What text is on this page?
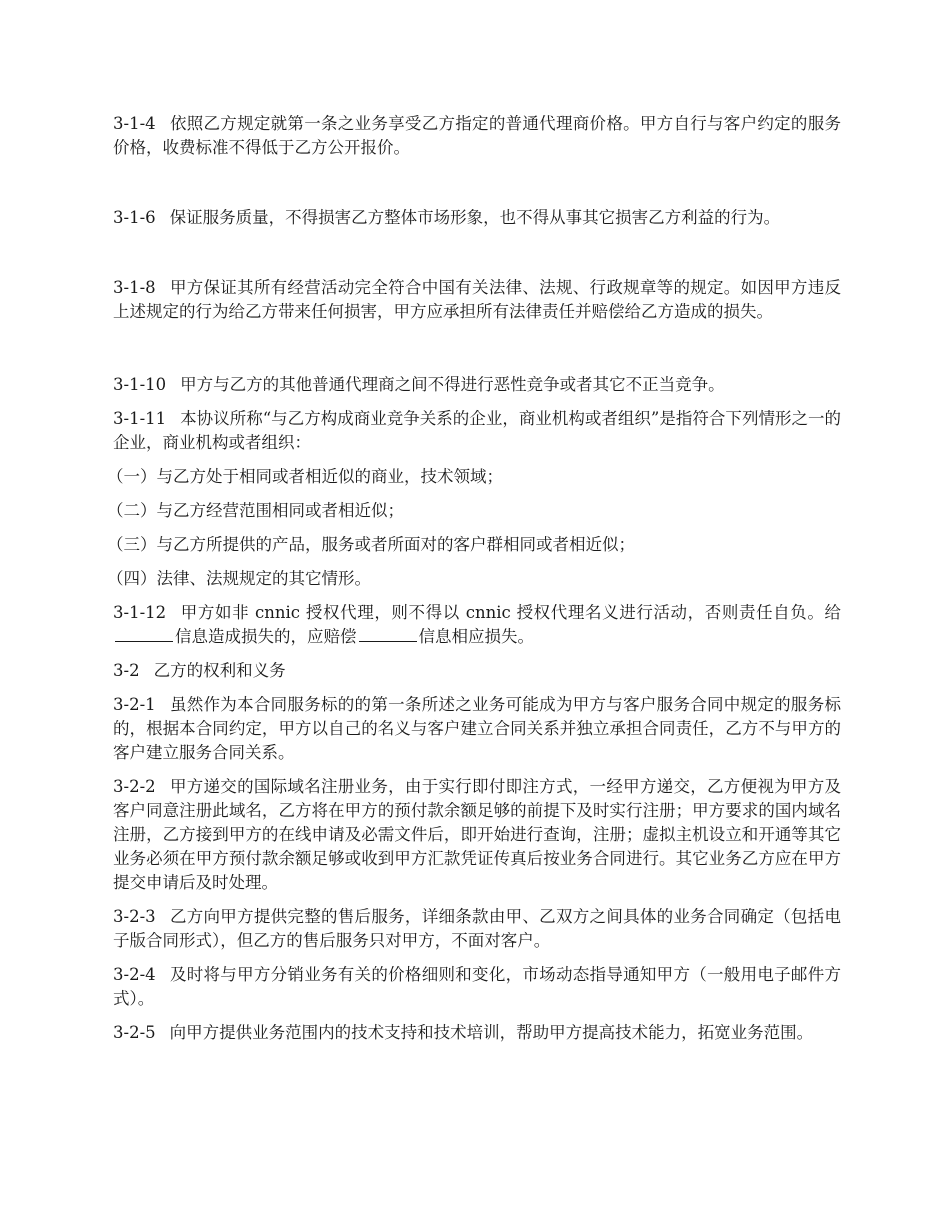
3-1-4 依照乙方规定就第一条之业务享受乙方指定的普通代理商价格。甲方自行与客户约定的服务价格，收费标准不得低于乙方公开报价。

3-1-6 保证服务质量，不得损害乙方整体市场形象，也不得从事其它损害乙方利益的行为。

3-1-8 甲方保证其所有经营活动完全符合中国有关法律、法规、行政规章等的规定。如因甲方违反上述规定的行为给乙方带来任何损害，甲方应承担所有法律责任并赔偿给乙方造成的损失。

3-1-10 甲方与乙方的其他普通代理商之间不得进行恶性竞争或者其它不正当竞争。

3-1-11 本协议所称“与乙方构成商业竞争关系的企业，商业机构或者组织”是指符合下列情形之一的企业，商业机构或者组织：

（一）与乙方处于相同或者相近似的商业，技术领域；

（二）与乙方经营范围相同或者相近似；

（三）与乙方所提供的产品，服务或者所面对的客户群相同或者相近似；

（四）法律、法规规定的其它情形。

3-1-12 甲方如非 cnnic 授权代理，则不得以 cnnic 授权代理名义进行活动，否则责任自负。给信息造成损失的，应赔偿	信息相应损失。

3-2 乙方的权利和义务

3-2-1 虽然作为本合同服务标的的第一条所述之业务可能成为甲方与客户服务合同中规定的服务标的，根据本合同约定，甲方以自己的名义与客户建立合同关系并独立承担合同责任，乙方不与甲方的客户建立服务合同关系。

3-2-2 甲方递交的国际域名注册业务，由于实行即付即注方式，一经甲方递交，乙方便视为甲方及客户同意注册此域名，乙方将在甲方的预付款余额足够的前提下及时实行注册；甲方要求的国内域名注册，乙方接到甲方的在线申请及必需文件后，即开始进行查询，注册；虚拟主机设立和开通等其它业务必须在甲方预付款余额足够或收到甲方汇款凭证传真后按业务合同进行。其它业务乙方应在甲方提交申请后及时处理。

3-2-3 乙方向甲方提供完整的售后服务，详细条款由甲、乙双方之间具体的业务合同确定（包括电子版合同形式），但乙方的售后服务只对甲方，不面对客户。

3-2-4 及时将与甲方分销业务有关的价格细则和变化，市场动态指导通知甲方（一般用电子邮件方式）。

3-2-5 向甲方提供业务范围内的技术支持和技术培训，帮助甲方提高技术能力，拓宽业务范围。
